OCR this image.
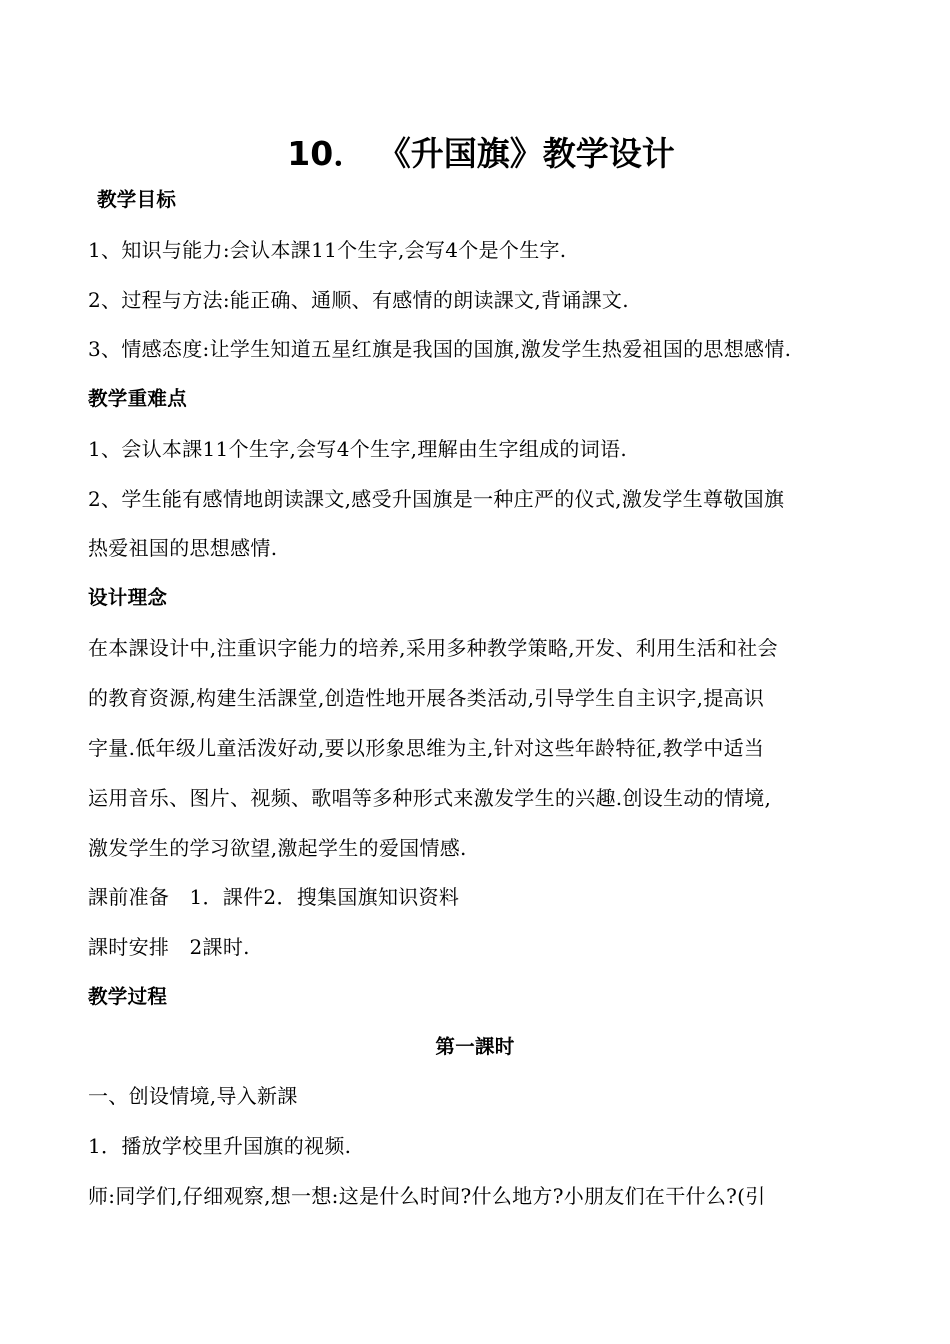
10． 《升国旗》教学设计
教学目标
1、知识与能力:会认本課11个生字,会写4个是个生字.
2、过程与方法:能正确、通顺、有感情的朗读課文,背诵課文.
3、情感态度:让学生知道五星红旗是我国的国旗,激发学生热爱祖国的思想感情.
教学重难点
1、会认本課11个生字,会写4个生字,理解由生字组成的词语.
2、学生能有感情地朗读課文,感受升国旗是一种庄严的仪式,激发学生尊敬国旗
热爱祖国的思想感情.
设计理念
在本課设计中,注重识字能力的培养,采用多种教学策略,开发、利用生活和社会
的教育资源,构建生活課堂,创造性地开展各类活动,引导学生自主识字,提高识
字量.低年级儿童活泼好动,要以形象思维为主,针对这些年龄特征,教学中适当
运用音乐、图片、视频、歌唱等多种形式来激发学生的兴趣.创设生动的情境,
激发学生的学习欲望,激起学生的爱国情感.
課前准备　1．課件2．搜集国旗知识资料
課时安排　2課时.
教学过程
第一課时
一、创设情境,导入新課
1．播放学校里升国旗的视频.
师:同学们,仔细观察,想一想:这是什么时间?什么地方?小朋友们在干什么?(引
